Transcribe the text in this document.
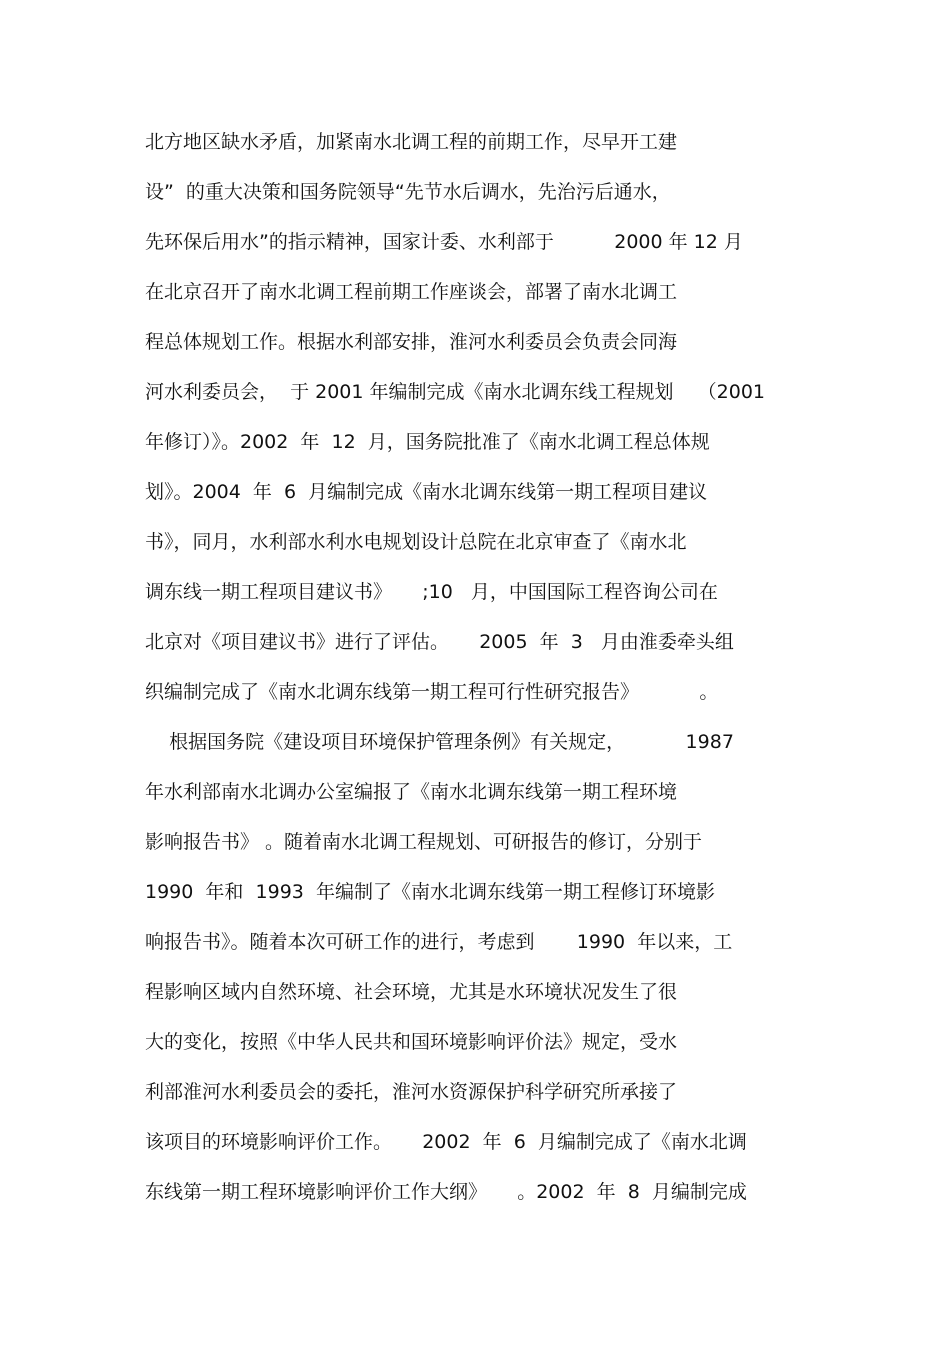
北方地区缺水矛盾，加紧南水北调工程的前期工作，尽早开工建
设”  的重大决策和国务院领导“先节水后调水，先治污后通水，
先环保后用水”的指示精神，国家计委、水利部于          2000 年 12 月
在北京召开了南水北调工程前期工作座谈会，部署了南水北调工
程总体规划工作。根据水利部安排，淮河水利委员会负责会同海
河水利委员会，  于 2001 年编制完成《南水北调东线工程规划    （2001
年修订）》。2002  年  12  月，国务院批准了《南水北调工程总体规
划》。2004  年  6  月编制完成《南水北调东线第一期工程项目建议
书》，同月，水利部水利水电规划设计总院在北京审查了《南水北
调东线一期工程项目建议书》     ;10   月，中国国际工程咨询公司在
北京对《项目建议书》进行了评估。     2005  年  3   月由淮委牵头组
织编制完成了《南水北调东线第一期工程可行性研究报告》          。
根据国务院《建设项目环境保护管理条例》有关规定，          1987
年水利部南水北调办公室编报了《南水北调东线第一期工程环境
影响报告书》 。随着南水北调工程规划、可研报告的修订，分别于
1990  年和  1993  年编制了《南水北调东线第一期工程修订环境影
响报告书》。随着本次可研工作的进行，考虑到       1990  年以来，工
程影响区域内自然环境、社会环境，尤其是水环境状况发生了很
大的变化，按照《中华人民共和国环境影响评价法》规定，受水
利部淮河水利委员会的委托，淮河水资源保护科学研究所承接了
该项目的环境影响评价工作。     2002  年  6  月编制完成了《南水北调
东线第一期工程环境影响评价工作大纲》     。2002  年  8  月编制完成
